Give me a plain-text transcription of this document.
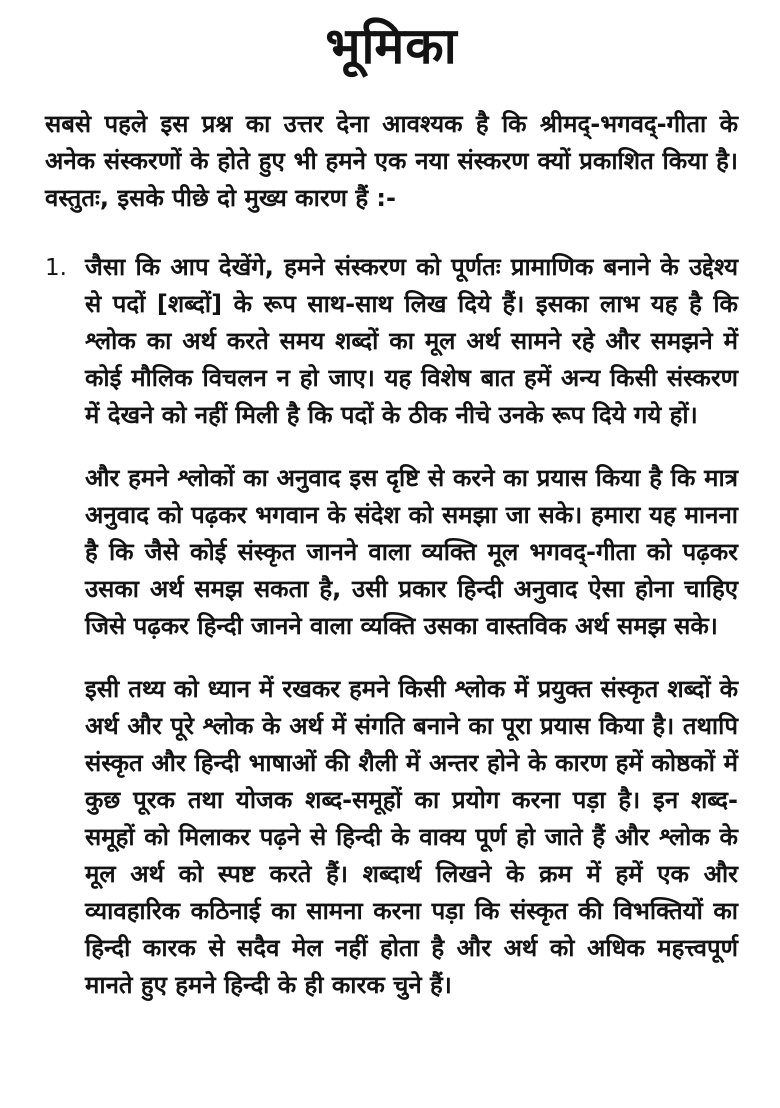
भूमिका

सबसे पहले इस प्रश्न का उत्तर देना आवश्यक है कि श्रीमद्-भगवद्-गीता के अनेक संस्करणों के होते हुए भी हमने एक नया संस्करण क्यों प्रकाशित किया है। वस्तुतः, इसके पीछे दो मुख्य कारण हैं :-

1. जैसा कि आप देखेंगे, हमने संस्करण को पूर्णतः प्रामाणिक बनाने के उद्देश्य से पदों [शब्दों] के रूप साथ-साथ लिख दिये हैं। इसका लाभ यह है कि श्लोक का अर्थ करते समय शब्दों का मूल अर्थ सामने रहे और समझने में कोई मौलिक विचलन न हो जाए। यह विशेष बात हमें अन्य किसी संस्करण में देखने को नहीं मिली है कि पदों के ठीक नीचे उनके रूप दिये गये हों।

और हमने श्लोकों का अनुवाद इस दृष्टि से करने का प्रयास किया है कि मात्र अनुवाद को पढ़कर भगवान के संदेश को समझा जा सके। हमारा यह मानना है कि जैसे कोई संस्कृत जानने वाला व्यक्ति मूल भगवद्-गीता को पढ़कर उसका अर्थ समझ सकता है, उसी प्रकार हिन्दी अनुवाद ऐसा होना चाहिए जिसे पढ़कर हिन्दी जानने वाला व्यक्ति उसका वास्तविक अर्थ समझ सके।

इसी तथ्य को ध्यान में रखकर हमने किसी श्लोक में प्रयुक्त संस्कृत शब्दों के अर्थ और पूरे श्लोक के अर्थ में संगति बनाने का पूरा प्रयास किया है। तथापि संस्कृत और हिन्दी भाषाओं की शैली में अन्तर होने के कारण हमें कोष्ठकों में कुछ पूरक तथा योजक शब्द-समूहों का प्रयोग करना पड़ा है। इन शब्द-समूहों को मिलाकर पढ़ने से हिन्दी के वाक्य पूर्ण हो जाते हैं और श्लोक के मूल अर्थ को स्पष्ट करते हैं। शब्दार्थ लिखने के क्रम में हमें एक और व्यावहारिक कठिनाई का सामना करना पड़ा कि संस्कृत की विभक्तियों का हिन्दी कारक से सदैव मेल नहीं होता है और अर्थ को अधिक महत्त्वपूर्ण मानते हुए हमने हिन्दी के ही कारक चुने हैं।
